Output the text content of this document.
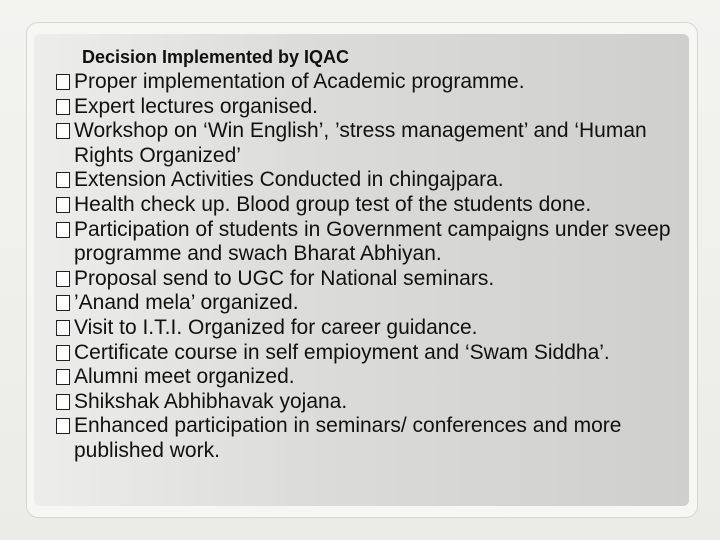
Decision Implemented by IQAC
Proper implementation of Academic programme.
Expert lectures organised.
Workshop on ‘Win English’, ’stress management’ and ‘Human Rights Organized’
Extension Activities Conducted in chingajpara.
Health check up. Blood group test of the students done.
Participation of students in Government campaigns under sveep programme and swach Bharat Abhiyan.
Proposal send to UGC for National seminars.
’Anand mela’ organized.
Visit to I.T.I. Organized for career guidance.
Certificate course in self empioyment and ‘Swam Siddha’.
Alumni meet organized.
Shikshak Abhibhavak yojana.
Enhanced participation in seminars/ conferences and more published work.
